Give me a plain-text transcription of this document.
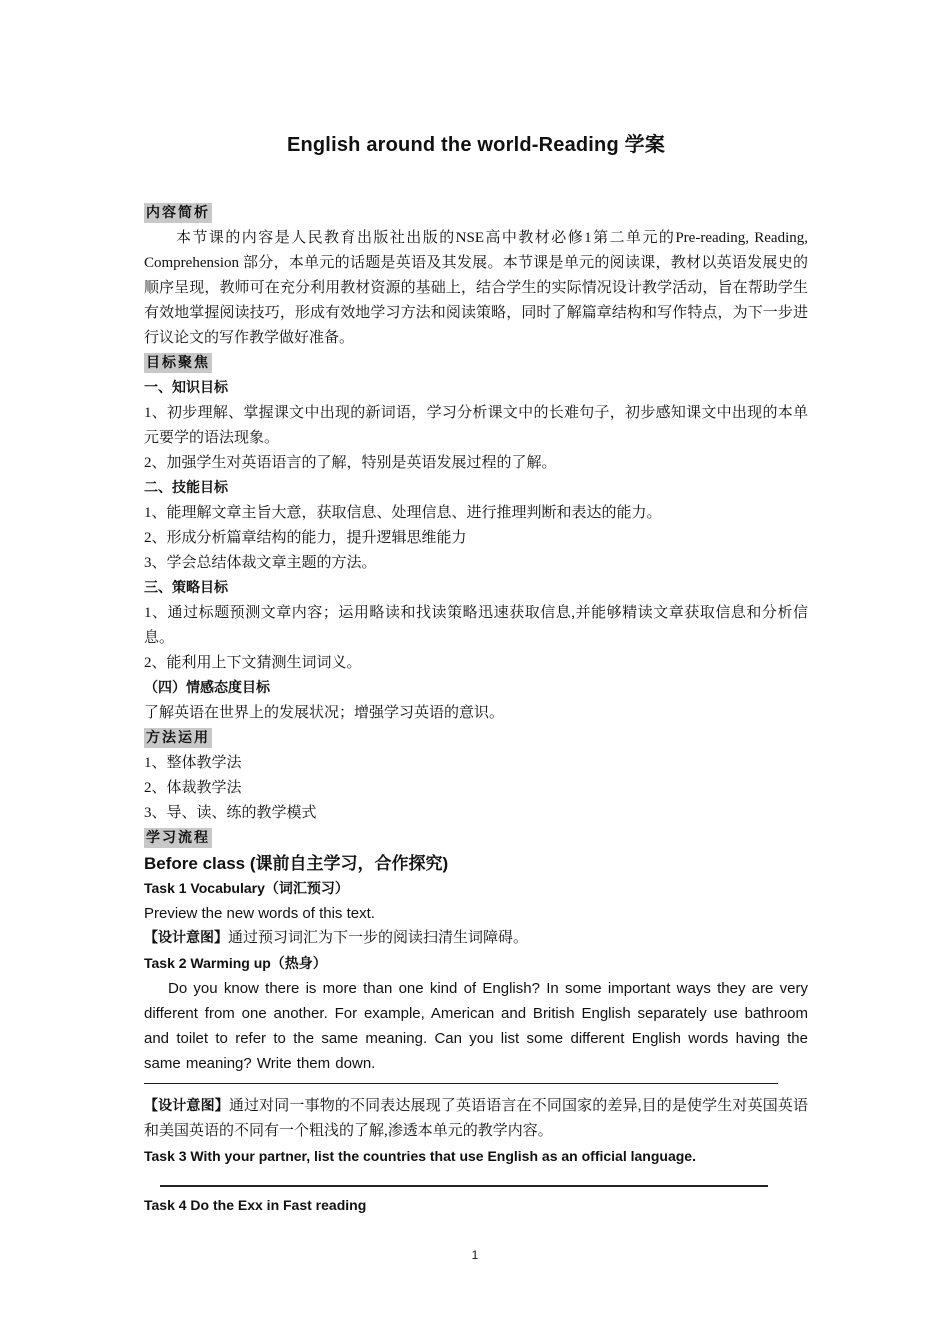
English around the world-Reading 学案
内容简析

本节课的内容是人民教育出版社出版的NSE高中教材必修1第二单元的Pre-reading, Reading, Comprehension 部分，本单元的话题是英语及其发展。本节课是单元的阅读课，教材以英语发展史的顺序呈现，教师可在充分利用教材资源的基础上，结合学生的实际情况设计教学活动，旨在帮助学生有效地掌握阅读技巧，形成有效地学习方法和阅读策略，同时了解篇章结构和写作特点，为下一步进行议论文的写作教学做好准备。

目标聚焦

一、知识目标

1、初步理解、掌握课文中出现的新词语，学习分析课文中的长难句子，初步感知课文中出现的本单元要学的语法现象。

2、加强学生对英语语言的了解，特别是英语发展过程的了解。

二、技能目标

1、能理解文章主旨大意，获取信息、处理信息、进行推理判断和表达的能力。

2、形成分析篇章结构的能力，提升逻辑思维能力

3、学会总结体裁文章主题的方法。

三、策略目标

1、通过标题预测文章内容；运用略读和找读策略迅速获取信息,并能够精读文章获取信息和分析信息。

2、能利用上下文猜测生词词义。

（四）情感态度目标

了解英语在世界上的发展状况；增强学习英语的意识。

方法运用

1、整体教学法

2、体裁教学法

3、导、读、练的教学模式

学习流程

Before class (课前自主学习，合作探究)

Task 1 Vocabulary（词汇预习）

Preview the new words of this text.

【设计意图】通过预习词汇为下一步的阅读扫清生词障碍。

Task 2 Warming up（热身）

Do you know there is more than one kind of English? In some important ways they are very different from one another. For example, American and British English separately use bathroom and toilet to refer to the same meaning. Can you list some different English words having the same meaning? Write them down.

【设计意图】通过对同一事物的不同表达展现了英语语言在不同国家的差异,目的是使学生对英国英语和美国英语的不同有一个粗浅的了解,渗透本单元的教学内容。

Task 3 With your partner, list the countries that use English as an official language.

Task 4 Do the Exx in Fast reading

1
